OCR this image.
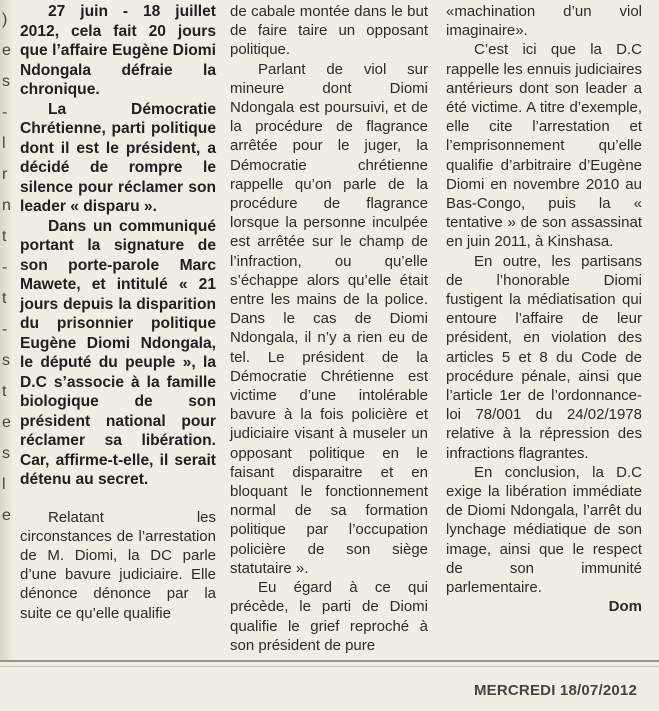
)
e
s
-
l
r
n
t
-
t
-
s
t
e
s
l
e

27 juin - 18 juillet 2012, cela fait 20 jours que l’affaire Eugène Diomi Ndongala défraie la chronique.

La Démocratie Chrétienne, parti politique dont il est le président, a décidé de rompre le silence pour réclamer son leader « disparu ».

Dans un communiqué portant la signature de son porte-parole Marc Mawete, et intitulé « 21 jours depuis la disparition du prisonnier politique Eugène Diomi Ndongala, le député du peuple », la D.C s’associe à la famille biologique de son président national pour réclamer sa libération. Car, affirme-t-elle, il serait détenu au secret.

Relatant les circonstances de l’arrestation de M. Diomi, la DC parle d’une bavure judiciaire. Elle dénonce dénonce par la suite ce qu’elle qualifie

de cabale montée dans le but de faire taire un opposant politique.

Parlant de viol sur mineure dont Diomi Ndongala est poursuivi, et de la procédure de flagrance arrêtée pour le juger, la Démocratie chrétienne rappelle qu’on parle de la procédure de flagrance lorsque la personne inculpée est arrêtée sur le champ de l’infraction, ou qu’elle s’échappe alors qu’elle était entre les mains de la police. Dans le cas de Diomi Ndongala, il n’y a rien eu de tel. Le président de la Démocratie Chrétienne est victime d’une intolérable bavure à la fois policière et judiciaire visant à museler un opposant politique en le faisant disparaitre et en bloquant le fonctionnement normal de sa formation politique par l’occupation policière de son siège statutaire ».

Eu égard à ce qui précède, le parti de Diomi qualifie le grief reproché à son président de pure

«machination d’un viol imaginaire».

C’est ici que la D.C rappelle les ennuis judiciaires antérieurs dont son leader a été victime. A titre d’exemple, elle cite l’arrestation et l’emprisonnement qu’elle qualifie d’arbitraire d’Eugène Diomi en novembre 2010 au Bas-Congo, puis la « tentative » de son assassinat en juin 2011, à Kinshasa.

En outre, les partisans de l’honorable Diomi fustigent la médiatisation qui entoure l’affaire de leur président, en violation des articles 5 et 8 du Code de procédure pénale, ainsi que l’article 1er de l’ordonnance-loi 78/001 du 24/02/1978 relative à la répression des infractions flagrantes.

En conclusion, la D.C exige la libération immédiate de Diomi Ndongala, l’arrêt du lynchage médiatique de son image, ainsi que le respect de son immunité parlementaire.

Dom

MERCREDI 18/07/2012
